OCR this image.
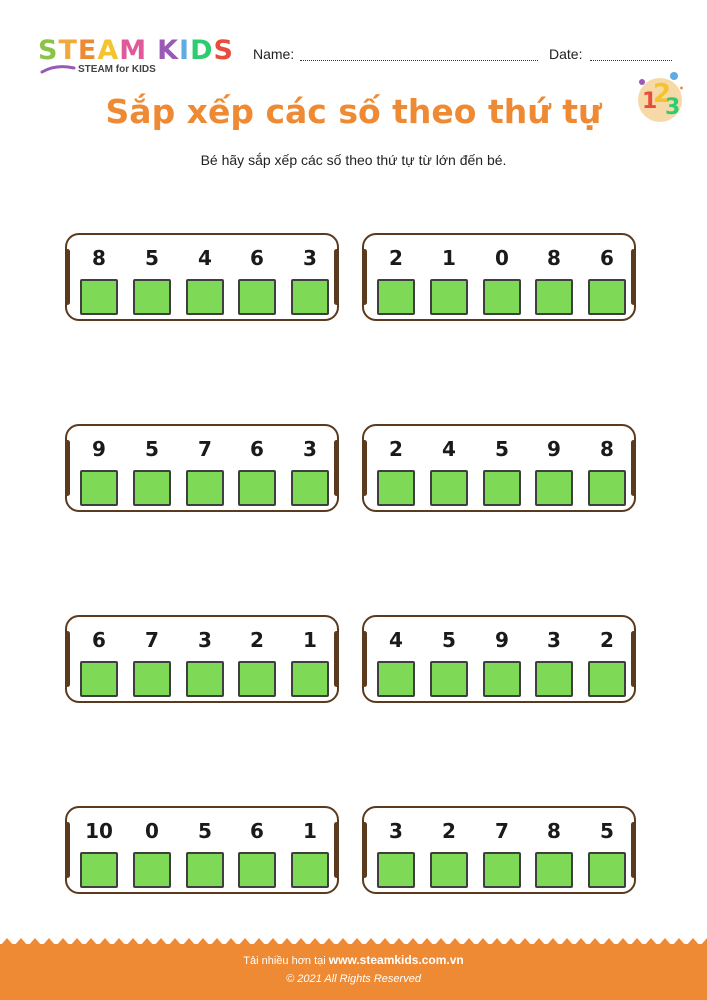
STEAM KIDS
STEAM for KIDS
Name:	Date:
1
2
3
Sắp xếp các số theo thứ tự
Bé hãy sắp xếp các số theo thứ tự từ lớn đến bé.
8	5	4	6	3	2	1	0	8	6
9	5	7	6	3	2	4	5	9	8
6	7	3	2	1	4	5	9	3	2
10	0	5	6	1	3	2	7	8	5
Tải nhiều hơn tại www.steamkids.com.vn
© 2021 All Rights Reserved
